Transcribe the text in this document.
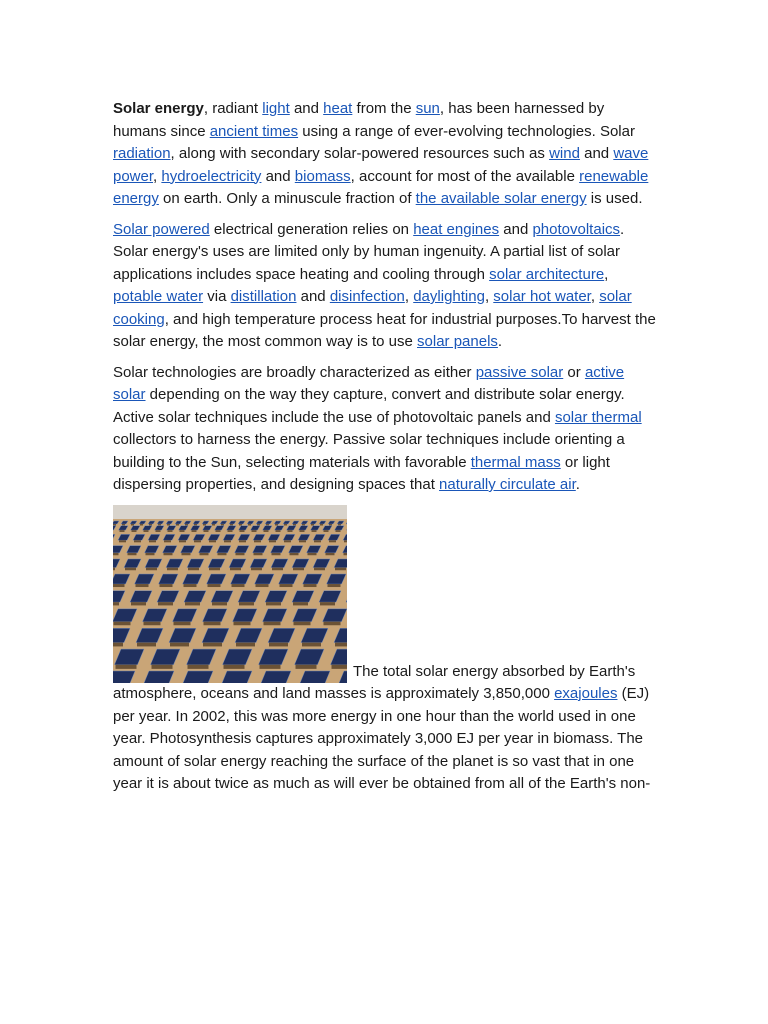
Solar energy, radiant light and heat from the sun, has been harnessed by humans since ancient times using a range of ever-evolving technologies. Solar radiation, along with secondary solar-powered resources such as wind and wave power, hydroelectricity and biomass, account for most of the available renewable energy on earth. Only a minuscule fraction of the available solar energy is used.

Solar powered electrical generation relies on heat engines and photovoltaics. Solar energy's uses are limited only by human ingenuity. A partial list of solar applications includes space heating and cooling through solar architecture, potable water via distillation and disinfection, daylighting, solar hot water, solar cooking, and high temperature process heat for industrial purposes.To harvest the solar energy, the most common way is to use solar panels.

Solar technologies are broadly characterized as either passive solar or active solar depending on the way they capture, convert and distribute solar energy. Active solar techniques include the use of photovoltaic panels and solar thermal collectors to harness the energy. Passive solar techniques include orienting a building to the Sun, selecting materials with favorable thermal mass or light dispersing properties, and designing spaces that naturally circulate air.

The total solar energy absorbed by Earth's atmosphere, oceans and land masses is approximately 3,850,000 exajoules (EJ) per year. In 2002, this was more energy in one hour than the world used in one year. Photosynthesis captures approximately 3,000 EJ per year in biomass. The amount of solar energy reaching the surface of the planet is so vast that in one year it is about twice as much as will ever be obtained from all of the Earth's non-
